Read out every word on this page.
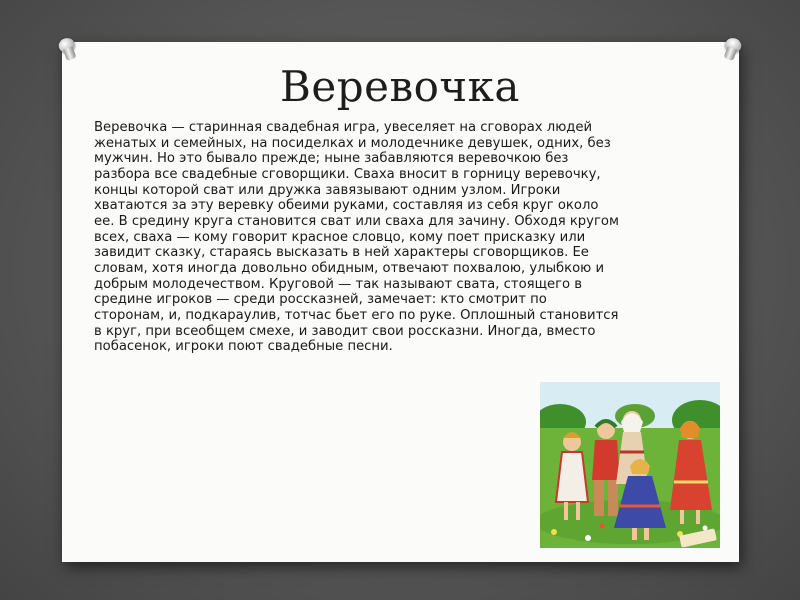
Веревочка
Веревочка — старинная свадебная игра, увеселяет на сговорах людей женатых и семейных, на посиделках и молодечнике девушек, одних, без мужчин. Но это бывало прежде; ныне забавляются веревочкою без разбора все свадебные сговорщики. Сваха вносит в горницу веревочку, концы которой сват или дружка завязывают одним узлом. Игроки хватаются за эту веревку обеими руками, составляя из себя круг около ее. В средину круга становится сват или сваха для зачину. Обходя кругом всех, сваха — кому говорит красное словцо, кому поет присказку или завидит сказку, стараясь высказать в ней характеры сговорщиков. Ее словам, хотя иногда довольно обидным, отвечают похвалою, улыбкою и добрым молодечеством. Круговой — так называют свата, стоящего в средине игроков — среди россказней, замечает: кто смотрит по сторонам, и, подкараулив, тотчас бьет его по руке. Оплошный становится в круг, при всеобщем смехе, и заводит свои россказни. Иногда, вместо побасенок, игроки поют свадебные песни.
